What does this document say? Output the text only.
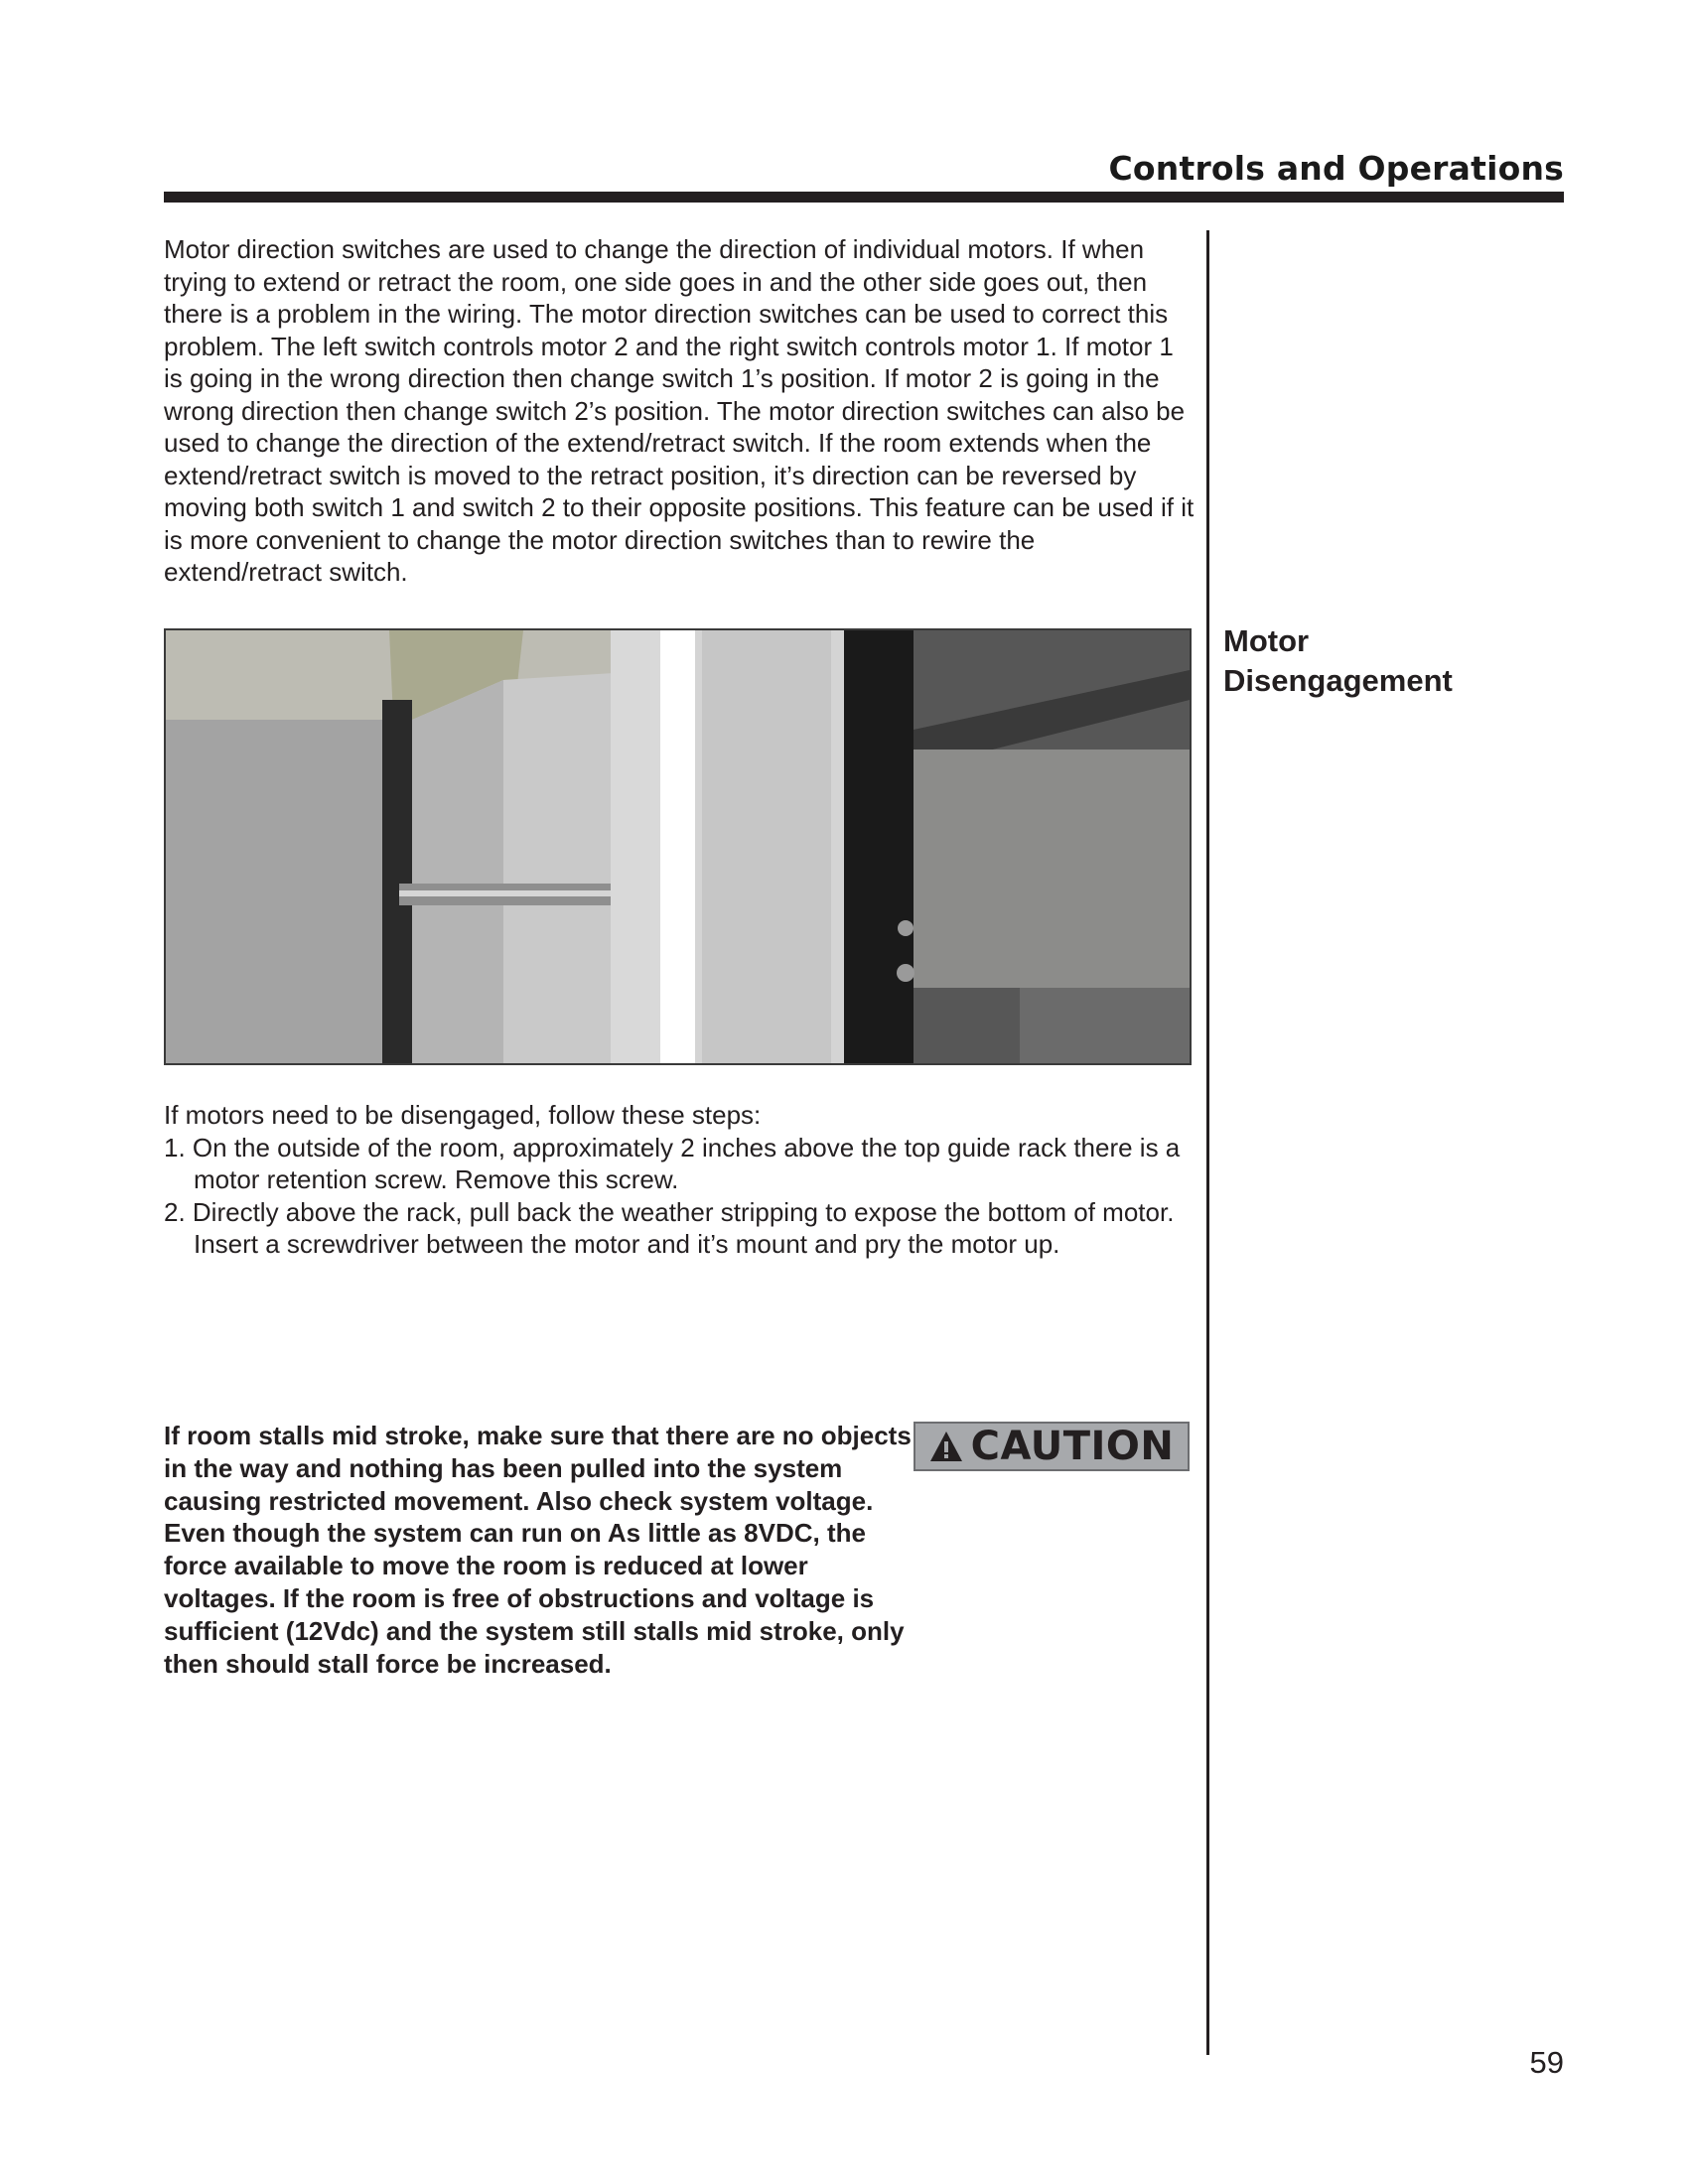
Controls and Operations

Motor direction switches are used to change the direction of individual motors. If when trying to extend or retract the room, one side goes in and the other side goes out, then there is a problem in the wiring. The motor direction switches can be used to correct this problem. The left switch controls motor 2 and the right switch controls motor 1. If motor 1 is going in the wrong direction then change switch 1’s position. If motor 2 is going in the wrong direction then change switch 2’s position. The motor direction switches can also be used to change the direction of the extend/retract switch. If the room extends when the extend/retract switch is moved to the retract position, it’s direction can be reversed by moving both switch 1 and switch 2 to their opposite positions. This feature can be used if it is more convenient to change the motor direction switches than to rewire the extend/retract switch.

Motor
Disengagement
If motors need to be disengaged, follow these steps:
1. On the outside of the room, approximately 2 inches above the top guide rack there is a motor retention screw. Remove this screw.
2. Directly above the rack, pull back the weather stripping to expose the bottom of motor. Insert a screwdriver between the motor and it’s mount and pry the motor up.

If room stalls mid stroke, make sure that there are no objects in the way and nothing has been pulled into the system causing restricted movement. Also check system voltage. Even though the system can run on As little as 8VDC, the force available to move the room is reduced at lower voltages. If the room is free of obstructions and voltage is sufficient (12Vdc) and the system still stalls mid stroke, only then should stall force be increased.

CAUTION
59
